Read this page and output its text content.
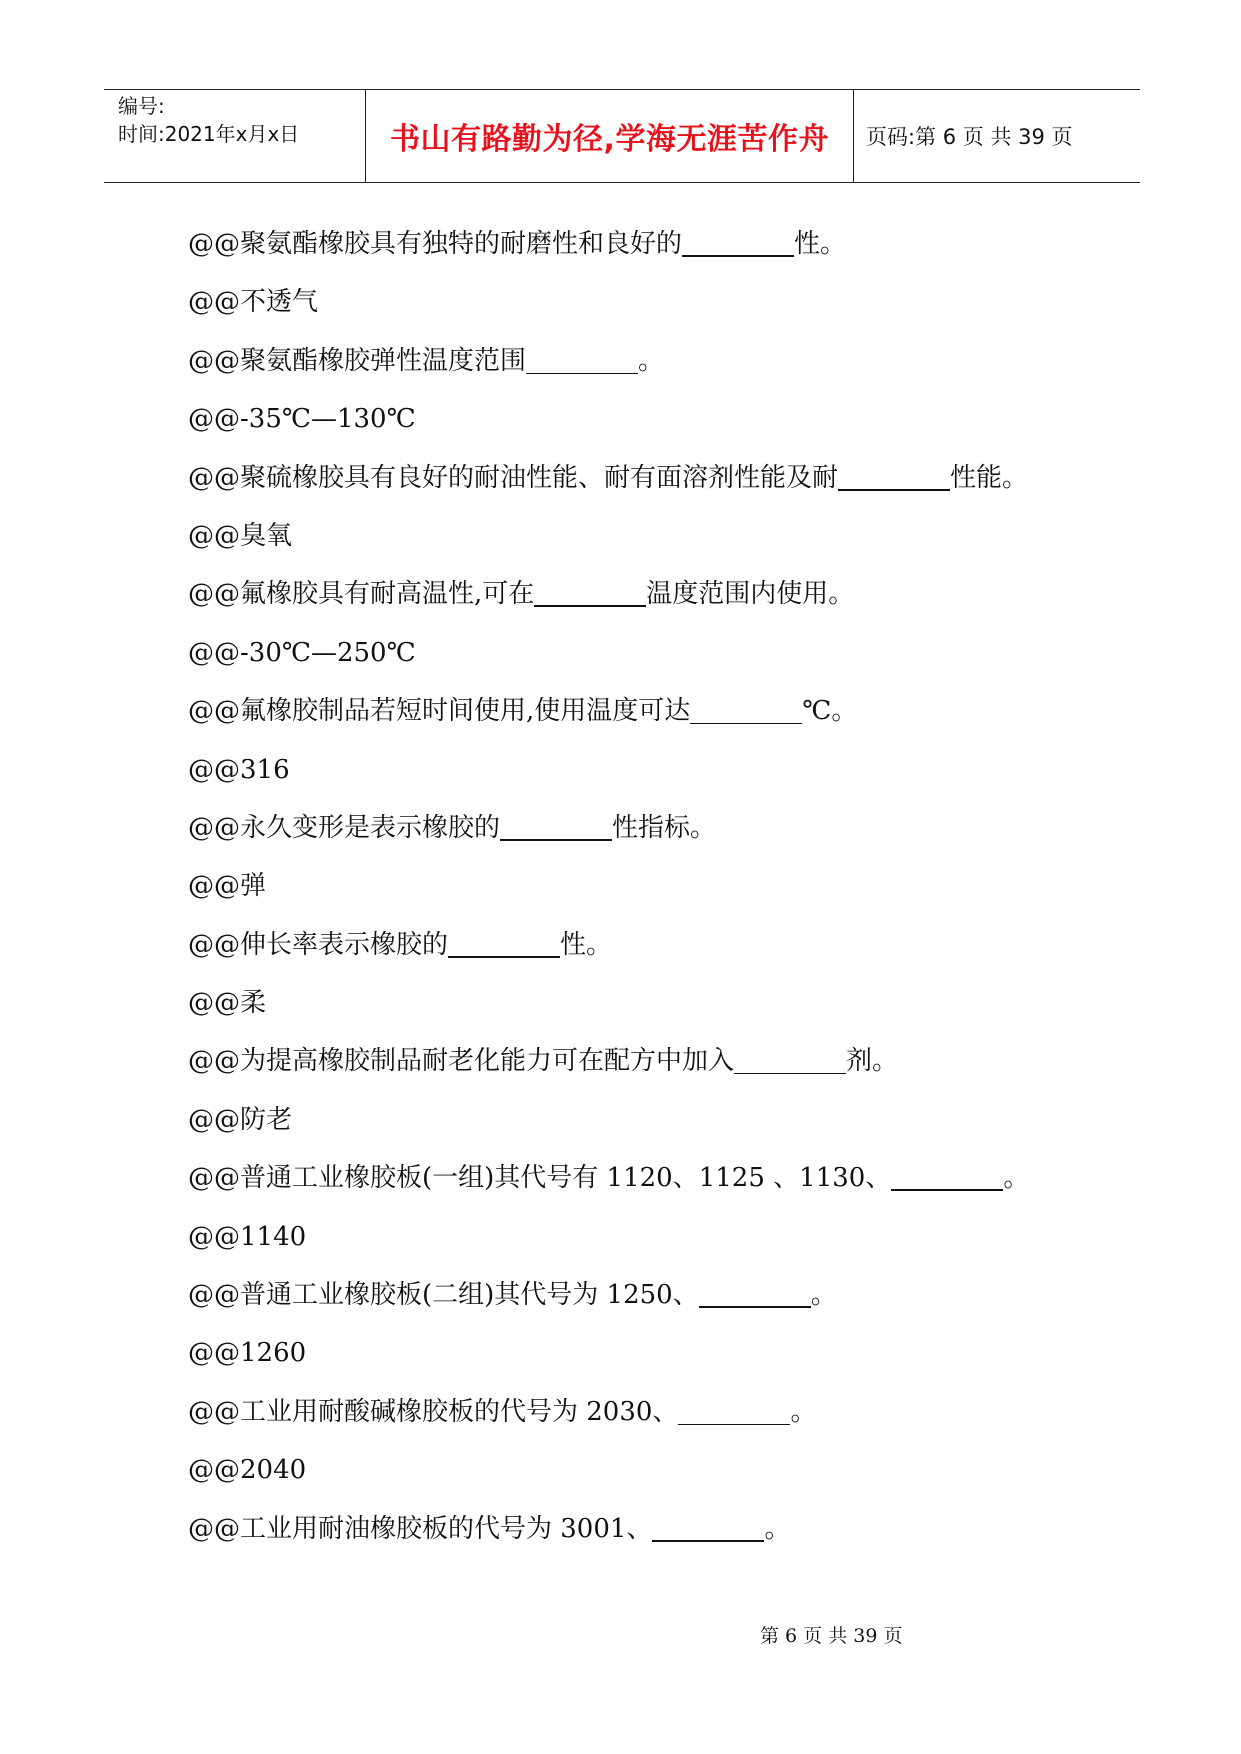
编号:
时间:2021年x月x日	书山有路勤为径,学海无涯苦作舟	页码:第 6 页 共 39 页
@@聚氨酯橡胶具有独特的耐磨性和良好的	性。
@@不透气
@@聚氨酯橡胶弹性温度范围	。
@@-35℃—130℃
@@聚硫橡胶具有良好的耐油性能、耐有面溶剂性能及耐	性能。
@@臭氧
@@氟橡胶具有耐高温性,可在	温度范围内使用。
@@-30℃—250℃
@@氟橡胶制品若短时间使用,使用温度可达	℃。
@@316
@@永久变形是表示橡胶的	性指标。
@@弹
@@伸长率表示橡胶的	性。
@@柔
@@为提高橡胶制品耐老化能力可在配方中加入	剂。
@@防老
@@普通工业橡胶板(一组)其代号有 1120、1125 、1130、	。
@@1140
@@普通工业橡胶板(二组)其代号为 1250、	。
@@1260
@@工业用耐酸碱橡胶板的代号为 2030、	。
@@2040
@@工业用耐油橡胶板的代号为 3001、	。
第 6 页 共 39 页
